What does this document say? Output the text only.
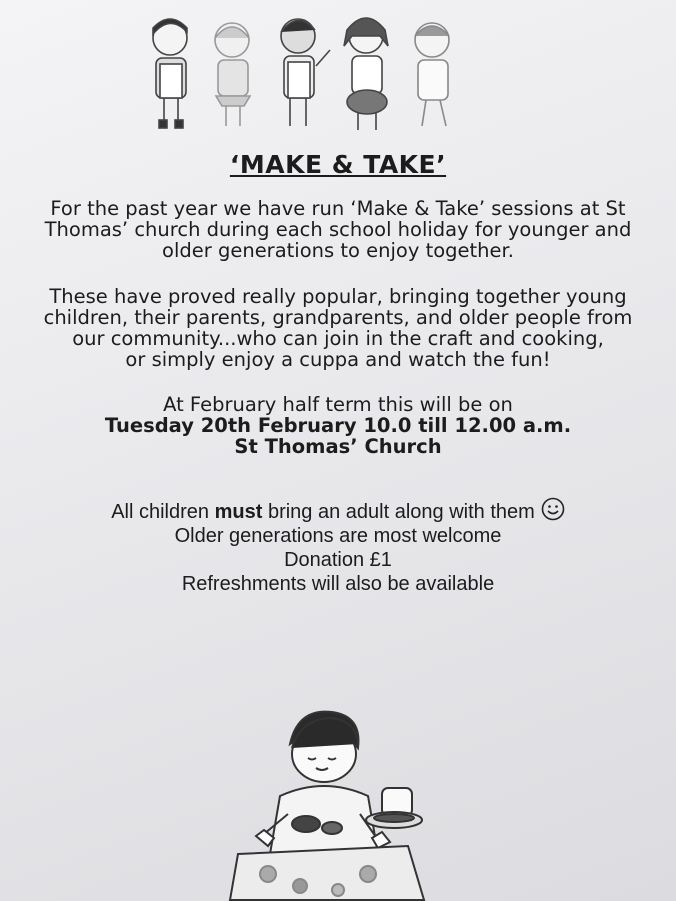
‘MAKE & TAKE’
For the past year we have run ‘Make & Take’ sessions at St
Thomas’ church during each school holiday for younger and
older generations to enjoy together.
These have proved really popular, bringing together young
children, their parents, grandparents, and older people from
our community...who can join in the craft and cooking,
or simply enjoy a cuppa and watch the fun!
At February half term this will be on
Tuesday 20th February 10.0 till 12.00 a.m.
St Thomas’ Church
All children must bring an adult along with them
Older generations are most welcome
Donation £1
Refreshments will also be available
